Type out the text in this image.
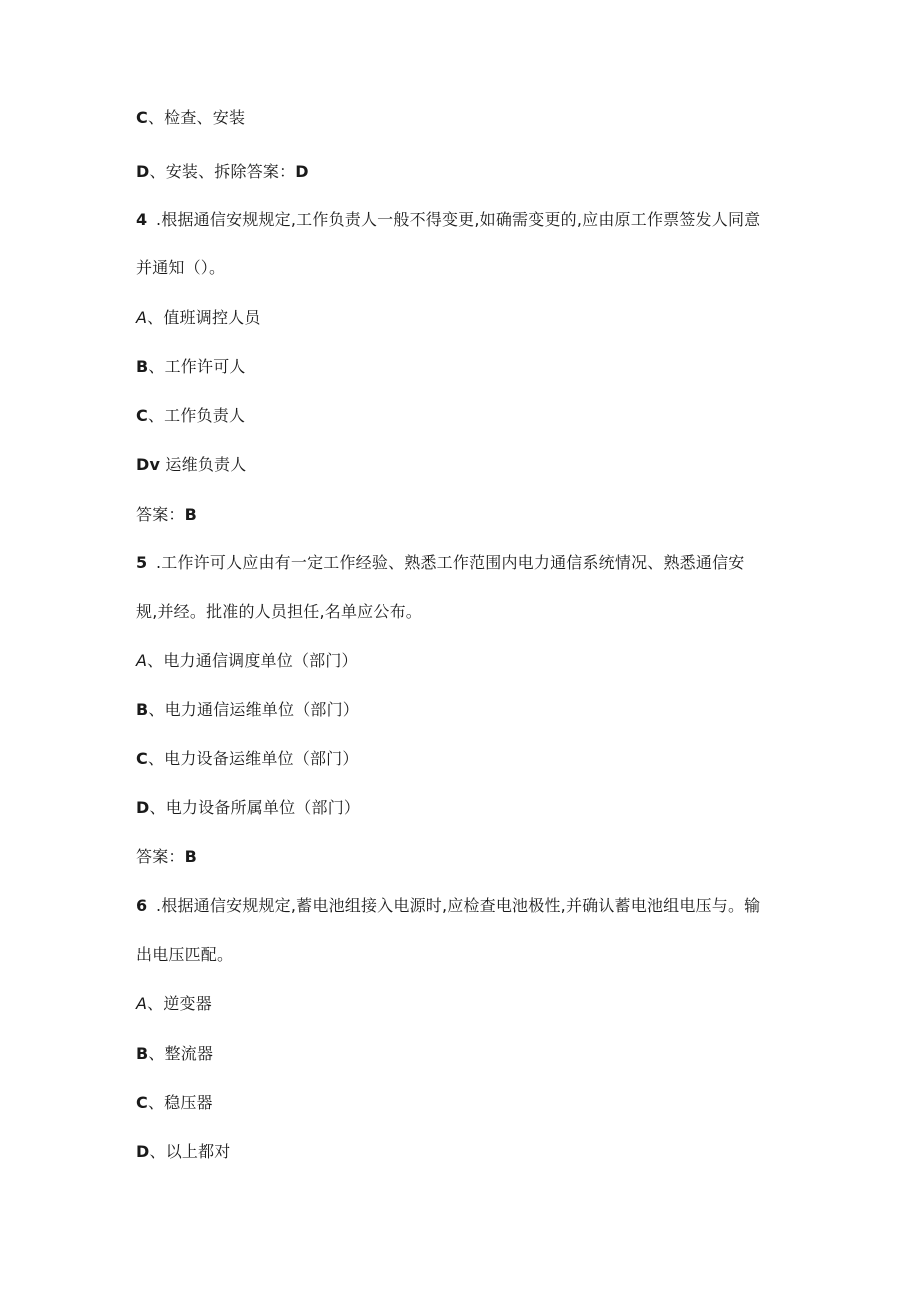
C、检查、安装
D、安装、拆除答案：D
4 .根据通信安规规定,工作负责人一般不得变更,如确需变更的,应由原工作票签发人同意
并通知（）。
A、值班调控人员
B、工作许可人
C、工作负责人
Dv 运维负责人
答案：B
5 .工作许可人应由有一定工作经验、熟悉工作范围内电力通信系统情况、熟悉通信安
规,并经。批准的人员担任,名单应公布。
A、电力通信调度单位（部门）
B、电力通信运维单位（部门）
C、电力设备运维单位（部门）
D、电力设备所属单位（部门）
答案：B
6 .根据通信安规规定,蓄电池组接入电源时,应检查电池极性,并确认蓄电池组电压与。输
出电压匹配。
A、逆变器
B、整流器
C、稳压器
D、以上都对
